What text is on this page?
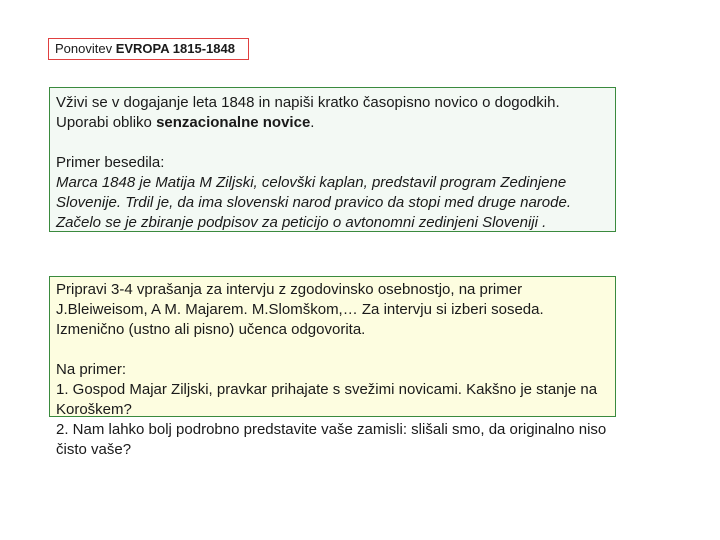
Ponovitev EVROPA 1815-1848

Vživi se v dogajanje leta 1848 in napiši kratko časopisno novico o dogodkih.

Uporabi obliko senzacionalne novice.

Primer besedila:

Marca 1848 je Matija M Ziljski, celovški kaplan, predstavil program Zedinjene Slovenije. Trdil je, da ima slovenski narod pravico da stopi med druge narode. Začelo se je zbiranje podpisov za peticijo o avtonomni zedinjeni Sloveniji .

Pripravi 3-4 vprašanja za intervju z zgodovinsko osebnostjo, na primer J.Bleiweisom, A M. Majarem. M.Slomškom,… Za intervju si izberi soseda. Izmenično (ustno ali pisno) učenca odgovorita.

Na primer:

1. Gospod Majar Ziljski, pravkar prihajate s svežimi novicami. Kakšno je stanje na Koroškem?

2. Nam lahko bolj podrobno predstavite vaše zamisli: slišali smo, da originalno niso čisto vaše?
